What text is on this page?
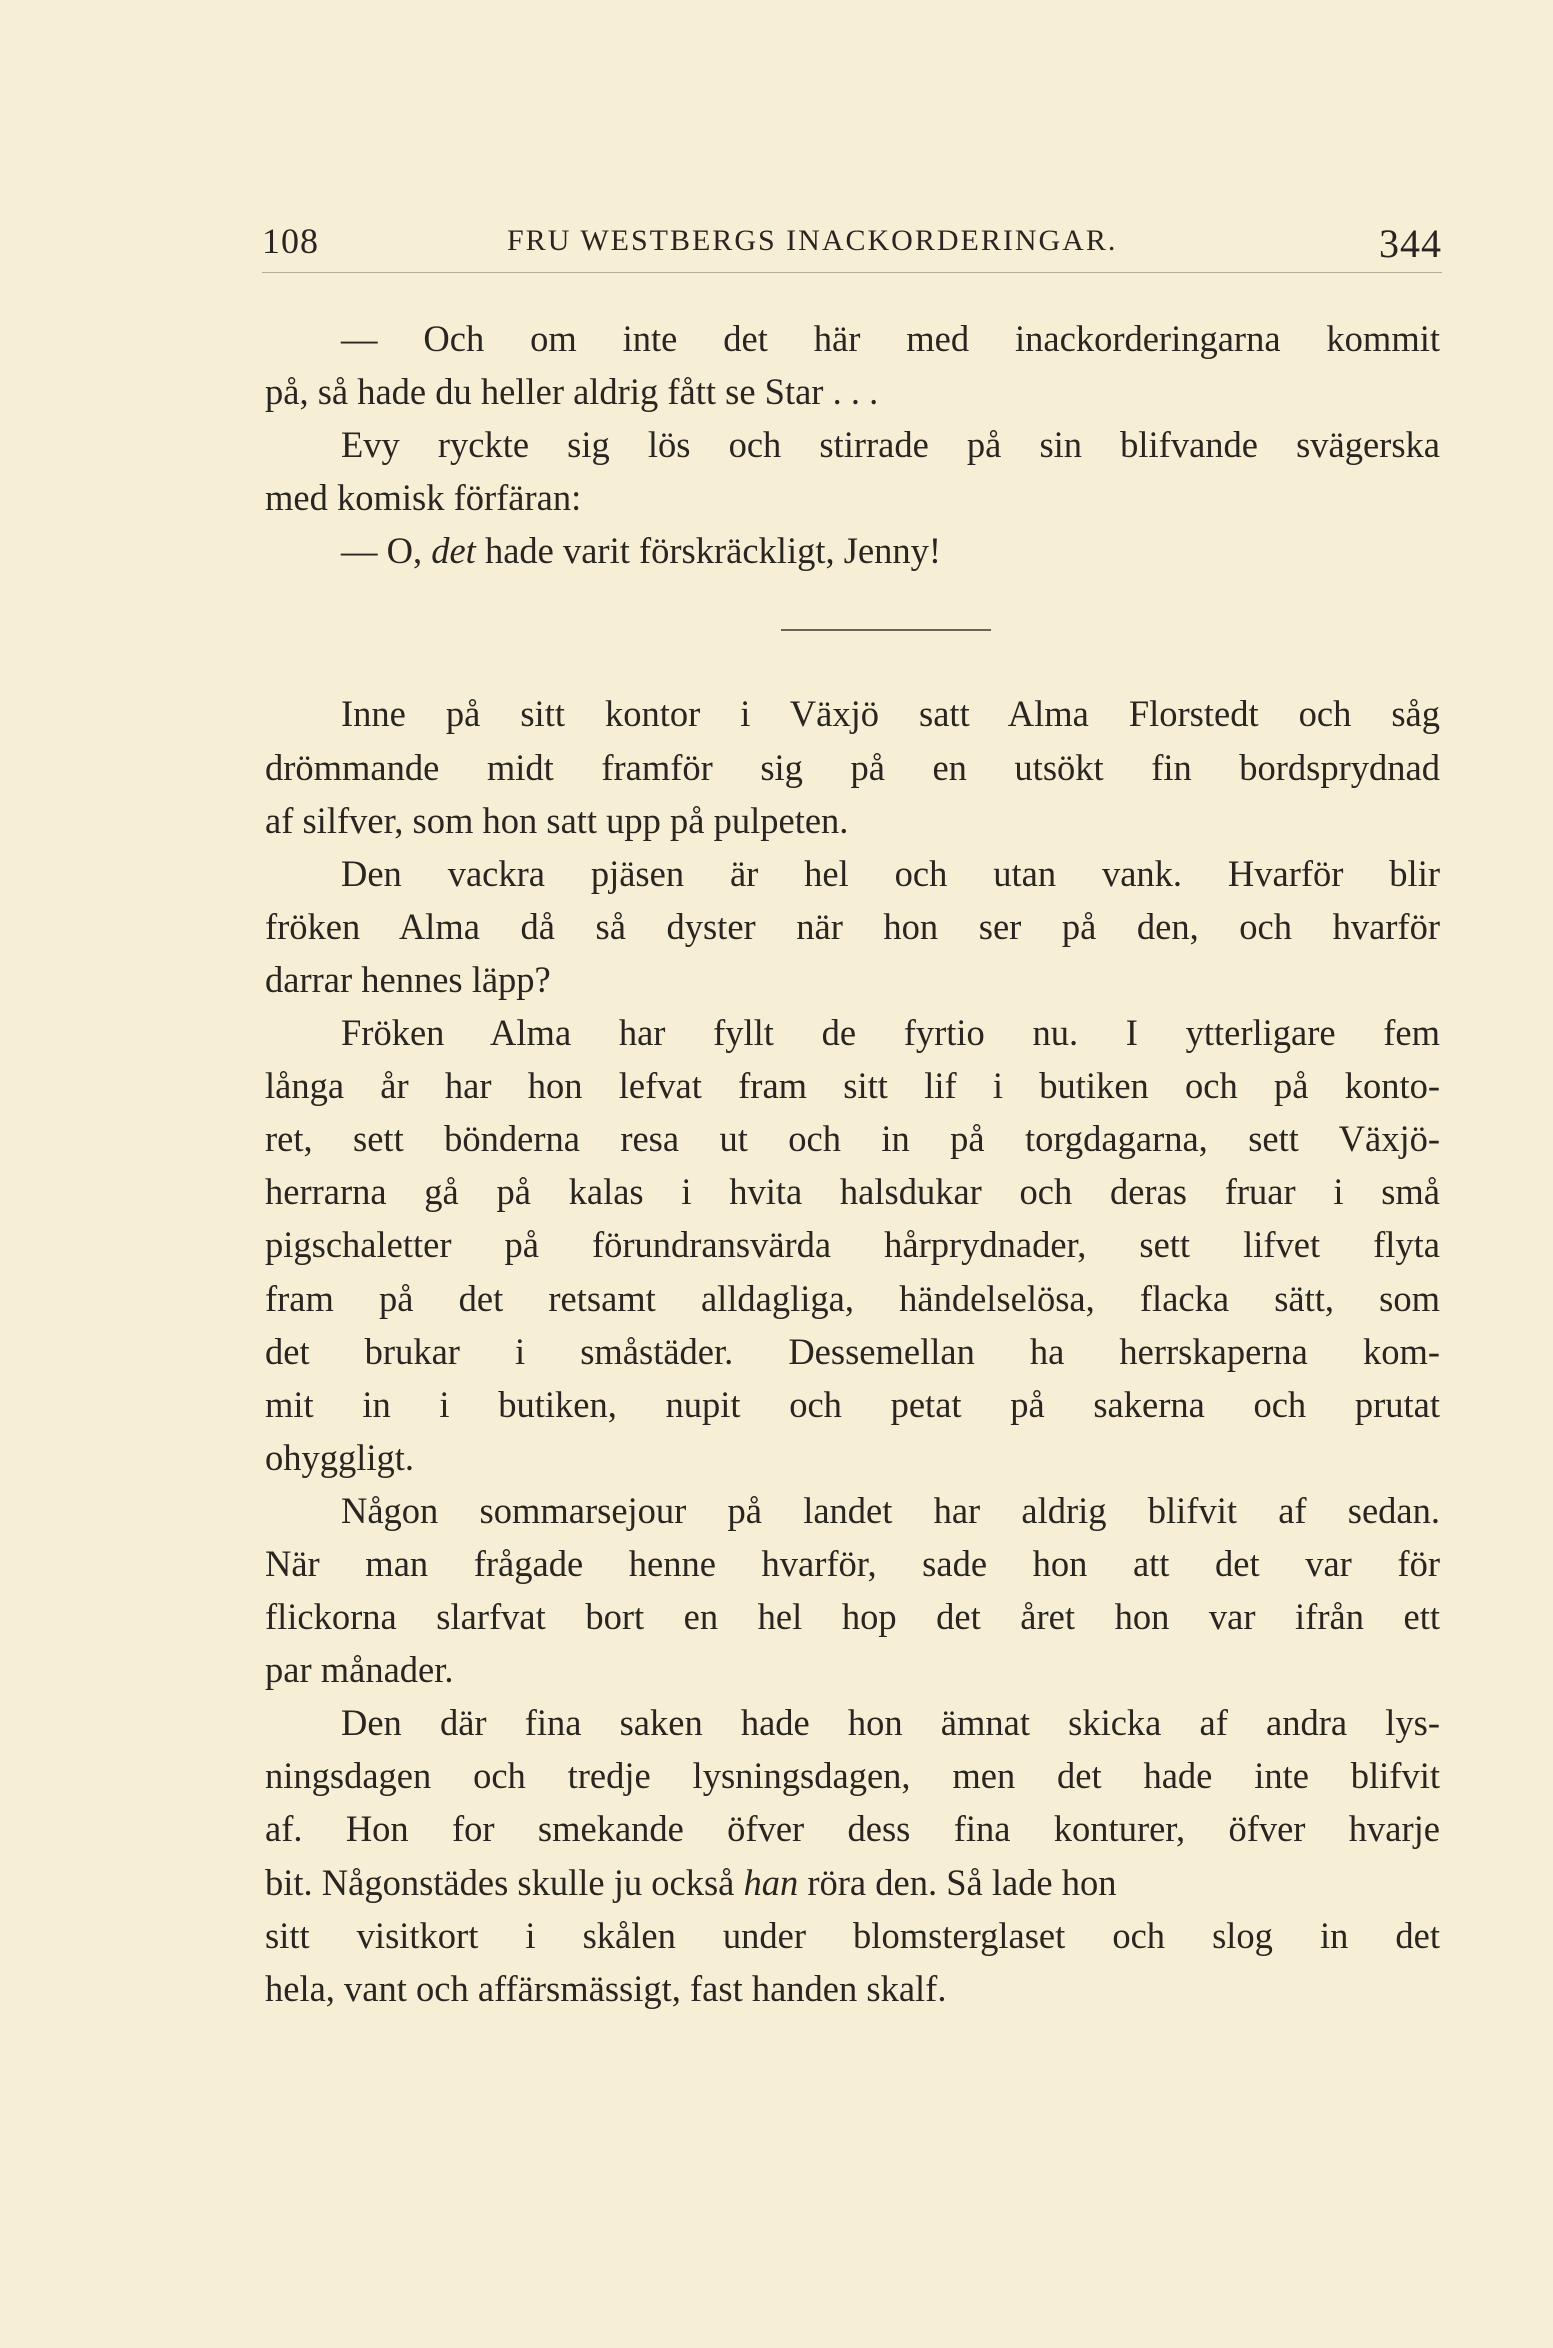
108	FRU WESTBERGS INACKORDERINGAR.	344
— Och om inte det här med inackorderingarna kommit
på, så hade du heller aldrig fått se Star . . .
Evy ryckte sig lös och stirrade på sin blifvande svägerska
med komisk förfäran:
— O, det hade varit förskräckligt, Jenny!
Inne på sitt kontor i Växjö satt Alma Florstedt och såg
drömmande midt framför sig på en utsökt fin bordsprydnad
af silfver, som hon satt upp på pulpeten.
Den vackra pjäsen är hel och utan vank. Hvarför blir
fröken Alma då så dyster när hon ser på den, och hvarför
darrar hennes läpp?
Fröken Alma har fyllt de fyrtio nu. I ytterligare fem
långa år har hon lefvat fram sitt lif i butiken och på konto-
ret, sett bönderna resa ut och in på torgdagarna, sett Växjö-
herrarna gå på kalas i hvita halsdukar och deras fruar i små
pigschaletter på förundransvärda hårprydnader, sett lifvet flyta
fram på det retsamt alldagliga, händelselösa, flacka sätt, som
det brukar i småstäder. Dessemellan ha herrskaperna kom-
mit in i butiken, nupit och petat på sakerna och prutat
ohyggligt.
Någon sommarsejour på landet har aldrig blifvit af sedan.
När man frågade henne hvarför, sade hon att det var för
flickorna slarfvat bort en hel hop det året hon var ifrån ett
par månader.
Den där fina saken hade hon ämnat skicka af andra lys-
ningsdagen och tredje lysningsdagen, men det hade inte blifvit
af. Hon for smekande öfver dess fina konturer, öfver hvarje
bit. Någonstädes skulle ju också han röra den. Så lade hon
sitt visitkort i skålen under blomsterglaset och slog in det
hela, vant och affärsmässigt, fast handen skalf.
